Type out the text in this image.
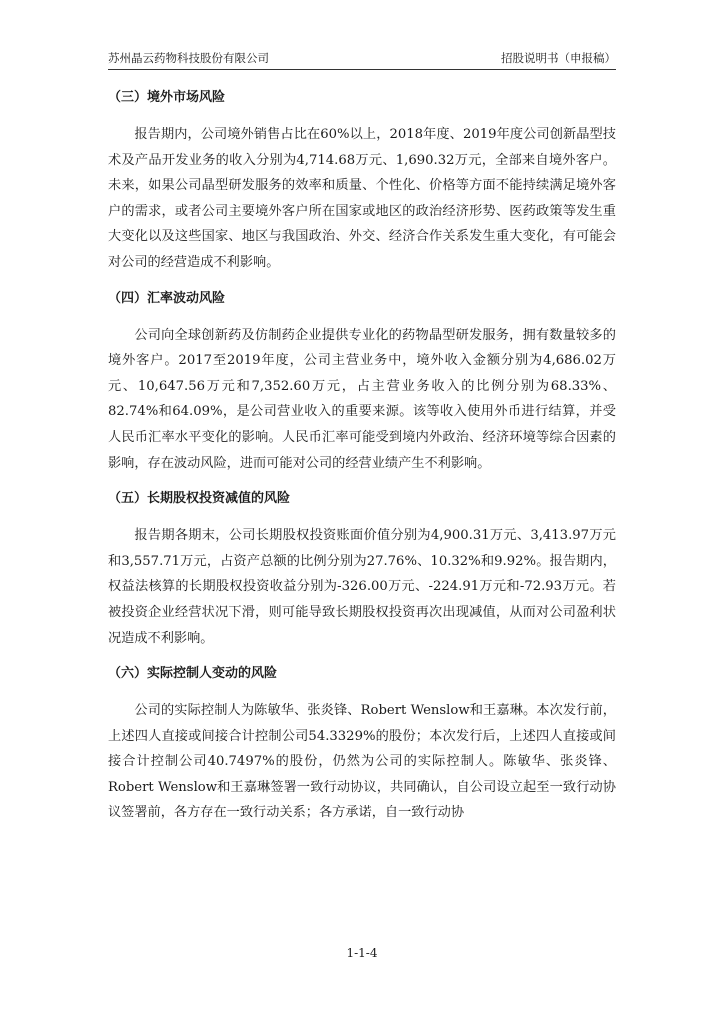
苏州晶云药物科技股份有限公司	招股说明书（申报稿）
（三）境外市场风险

报告期内，公司境外销售占比在60%以上，2018年度、2019年度公司创新晶型技术及产品开发业务的收入分别为4,714.68万元、1,690.32万元，全部来自境外客户。未来，如果公司晶型研发服务的效率和质量、个性化、价格等方面不能持续满足境外客户的需求，或者公司主要境外客户所在国家或地区的政治经济形势、医药政策等发生重大变化以及这些国家、地区与我国政治、外交、经济合作关系发生重大变化，有可能会对公司的经营造成不利影响。

（四）汇率波动风险

公司向全球创新药及仿制药企业提供专业化的药物晶型研发服务，拥有数量较多的境外客户。2017至2019年度，公司主营业务中，境外收入金额分别为4,686.02万元、10,647.56万元和7,352.60万元，占主营业务收入的比例分别为68.33%、82.74%和64.09%，是公司营业收入的重要来源。该等收入使用外币进行结算，并受人民币汇率水平变化的影响。人民币汇率可能受到境内外政治、经济环境等综合因素的影响，存在波动风险，进而可能对公司的经营业绩产生不利影响。

（五）长期股权投资减值的风险

报告期各期末，公司长期股权投资账面价值分别为4,900.31万元、3,413.97万元和3,557.71万元，占资产总额的比例分别为27.76%、10.32%和9.92%。报告期内，权益法核算的长期股权投资收益分别为-326.00万元、-224.91万元和-72.93万元。若被投资企业经营状况下滑，则可能导致长期股权投资再次出现减值，从而对公司盈利状况造成不利影响。

（六）实际控制人变动的风险

公司的实际控制人为陈敏华、张炎锋、Robert Wenslow和王嘉琳。本次发行前，上述四人直接或间接合计控制公司54.3329%的股份；本次发行后，上述四人直接或间接合计控制公司40.7497%的股份，仍然为公司的实际控制人。陈敏华、张炎锋、Robert Wenslow和王嘉琳签署一致行动协议，共同确认，自公司设立起至一致行动协议签署前，各方存在一致行动关系；各方承诺，自一致行动协

1-1-4
